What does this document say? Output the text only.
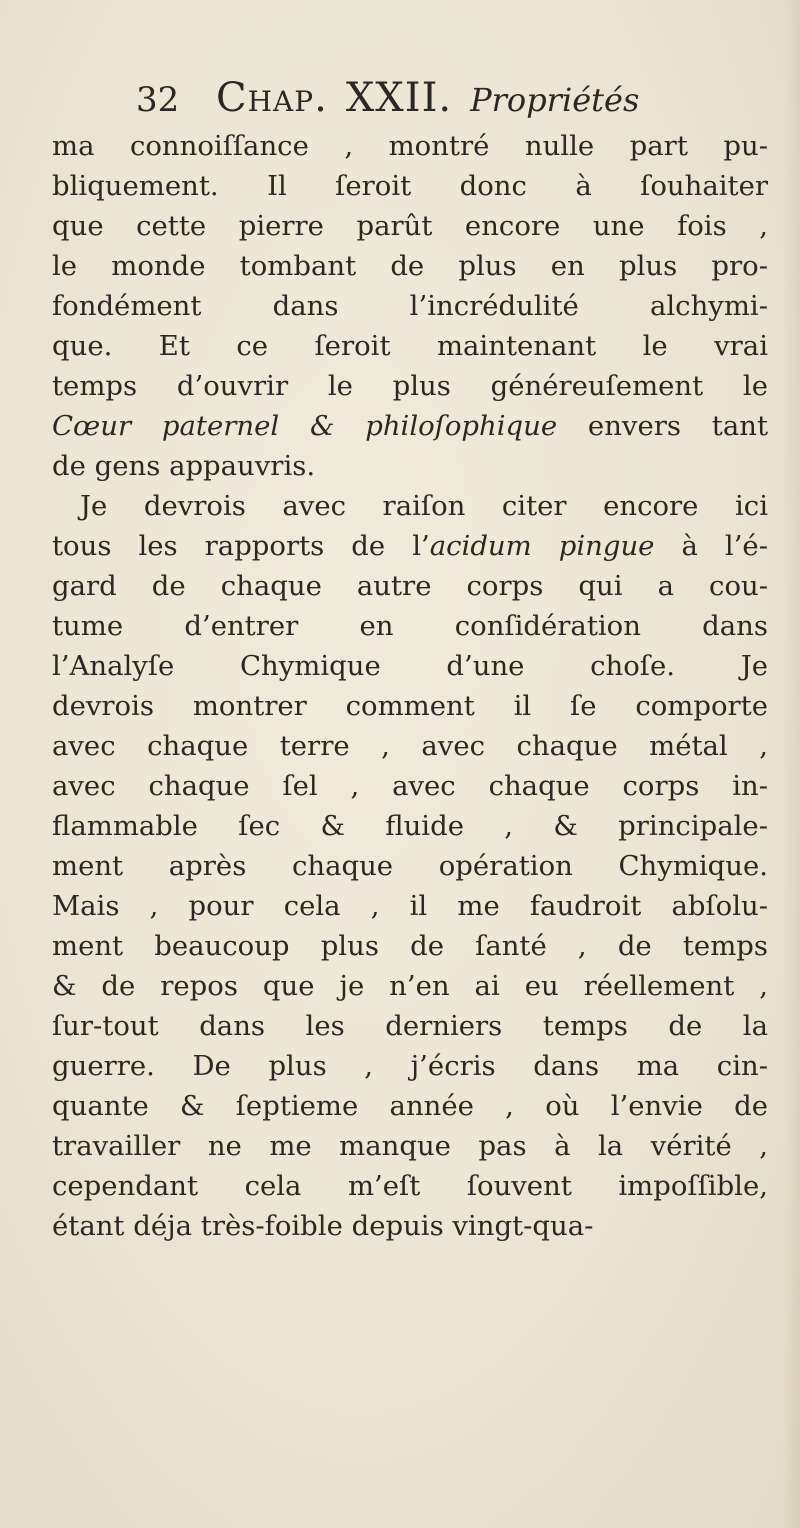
32 Chap. XXII. Propriétés
ma connoiſſance , montré nulle part pu-
bliquement. Il ſeroit donc à ſouhaiter
que cette pierre parût encore une fois ,
le monde tombant de plus en plus pro-
fondément dans l’incrédulité alchymi-
que. Et ce ſeroit maintenant le vrai
temps d’ouvrir le plus généreuſement le
Cœur paternel & philoſophique envers tant
de gens appauvris.
Je devrois avec raiſon citer encore ici
tous les rapports de l’acidum pingue à l’é-
gard de chaque autre corps qui a cou-
tume d’entrer en conſidération dans
l’Analyſe Chymique d’une choſe. Je
devrois montrer comment il ſe comporte
avec chaque terre , avec chaque métal ,
avec chaque ſel , avec chaque corps in-
flammable ſec & fluide , & principale-
ment après chaque opération Chymique.
Mais , pour cela , il me faudroit abſolu-
ment beaucoup plus de ſanté , de temps
& de repos que je n’en ai eu réellement ,
ſur-tout dans les derniers temps de la
guerre. De plus , j’écris dans ma cin-
quante & ſeptieme année , où l’envie de
travailler ne me manque pas à la vérité ,
cependant cela m’eſt ſouvent impoſſible,
étant déja très-foible depuis vingt-qua-
